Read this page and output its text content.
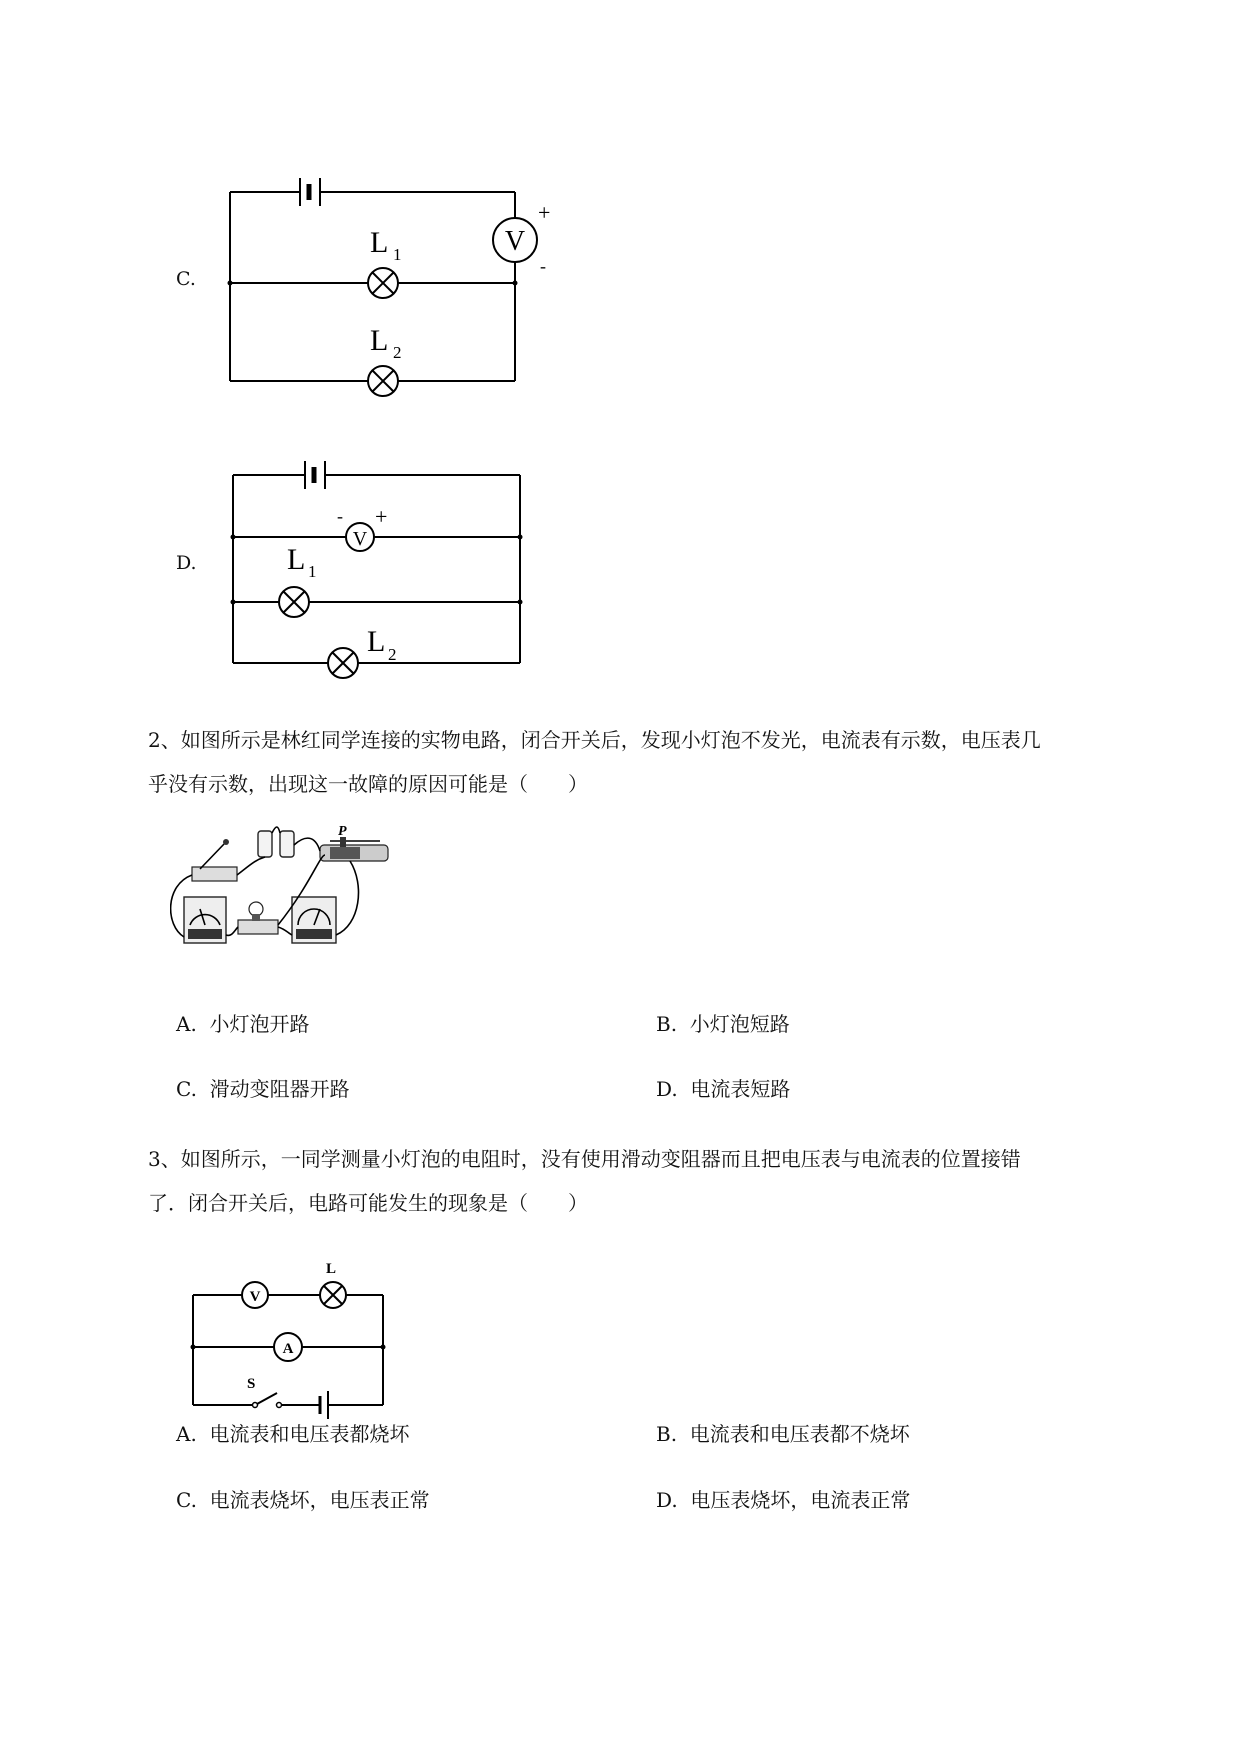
C.
V
+
-
L 1
L 2
D.
V
- +
L 1
L 2
2、如图所示是林红同学连接的实物电路，闭合开关后，发现小灯泡不发光，电流表有示数，电压表几
乎没有示数，出现这一故障的原因可能是（　　）
P
A. 小灯泡开路	B. 小灯泡短路
C. 滑动变阻器开路	D. 电流表短路
3、如图所示，一同学测量小灯泡的电阻时，没有使用滑动变阻器而且把电压表与电流表的位置接错
了．闭合开关后，电路可能发生的现象是（　　）
V
L
A
S
A. 电流表和电压表都烧坏	B. 电流表和电压表都不烧坏
C. 电流表烧坏，电压表正常	D. 电压表烧坏，电流表正常
